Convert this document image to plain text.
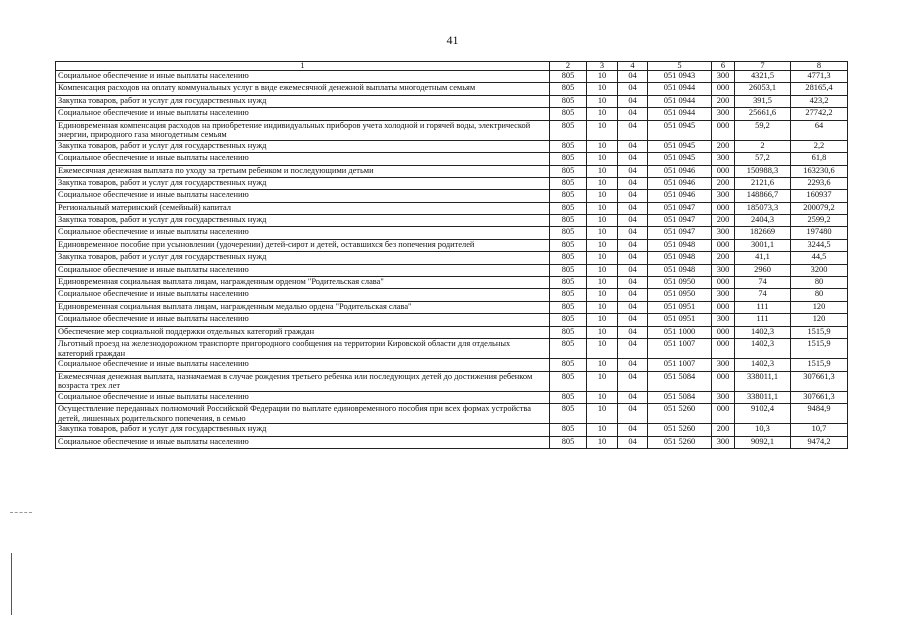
41
1	2	3	4	5	6	7	8
Социальное обеспечение и иные выплаты населению	805	10	04	051 0943	300	4321,5	4771,3
Компенсация расходов на оплату коммунальных услуг в виде ежемесячной денежной выплаты многодетным семьям	805	10	04	051 0944	000	26053,1	28165,4
Закупка товаров, работ и услуг для государственных нужд	805	10	04	051 0944	200	391,5	423,2
Социальное обеспечение и иные выплаты населению	805	10	04	051 0944	300	25661,6	27742,2
Единовременная компенсация расходов на приобретение индивидуальных приборов учета холодной и горячей воды, электрической энергии, природного газа многодетным семьям	805	10	04	051 0945	000	59,2	64
Закупка товаров, работ и услуг для государственных нужд	805	10	04	051 0945	200	2	2,2
Социальное обеспечение и иные выплаты населению	805	10	04	051 0945	300	57,2	61,8
Ежемесячная денежная выплата по уходу за третьим ребенком и последующими детьми	805	10	04	051 0946	000	150988,3	163230,6
Закупка товаров, работ и услуг для государственных нужд	805	10	04	051 0946	200	2121,6	2293,6
Социальное обеспечение и иные выплаты населению	805	10	04	051 0946	300	148866,7	160937
Региональный материнский (семейный) капитал	805	10	04	051 0947	000	185073,3	200079,2
Закупка товаров, работ и услуг для государственных нужд	805	10	04	051 0947	200	2404,3	2599,2
Социальное обеспечение и иные выплаты населению	805	10	04	051 0947	300	182669	197480
Единовременное пособие при усыновлении (удочерении) детей-сирот и детей, оставшихся без попечения родителей	805	10	04	051 0948	000	3001,1	3244,5
Закупка товаров, работ и услуг для государственных нужд	805	10	04	051 0948	200	41,1	44,5
Социальное обеспечение и иные выплаты населению	805	10	04	051 0948	300	2960	3200
Единовременная социальная выплата лицам, награжденным орденом "Родительская слава"	805	10	04	051 0950	000	74	80
Социальное обеспечение и иные выплаты населению	805	10	04	051 0950	300	74	80
Единовременная социальная выплата лицам, награжденным медалью ордена "Родительская слава"	805	10	04	051 0951	000	111	120
Социальное обеспечение и иные выплаты населению	805	10	04	051 0951	300	111	120
Обеспечение мер социальной поддержки отдельных категорий граждан	805	10	04	051 1000	000	1402,3	1515,9
Льготный проезд на железнодорожном транспорте пригородного сообщения на территории Кировской области для отдельных категорий граждан	805	10	04	051 1007	000	1402,3	1515,9
Социальное обеспечение и иные выплаты населению	805	10	04	051 1007	300	1402,3	1515,9
Ежемесячная денежная выплата, назначаемая в случае рождения третьего ребенка или последующих детей до достижения ребенком возраста трех лет	805	10	04	051 5084	000	338011,1	307661,3
Социальное обеспечение и иные выплаты населению	805	10	04	051 5084	300	338011,1	307661,3
Осуществление переданных полномочий Российской Федерации по выплате единовременного пособия при всех формах устройства детей, лишенных родительского попечения, в семью	805	10	04	051 5260	000	9102,4	9484,9
Закупка товаров, работ и услуг для государственных нужд	805	10	04	051 5260	200	10,3	10,7
Социальное обеспечение и иные выплаты населению	805	10	04	051 5260	300	9092,1	9474,2
